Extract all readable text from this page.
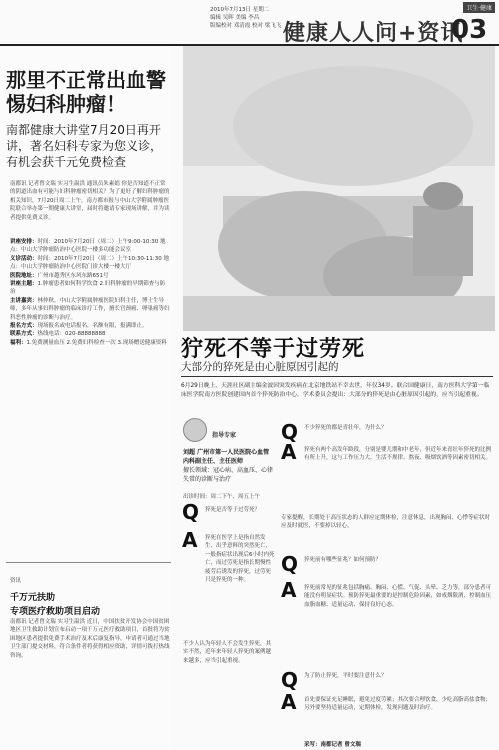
卫生·健康
2010年7月13日 星期二
编辑 吴晖 美编 李昌
版编校对 邓清霞 校对 梁飞飞 健康人人问+资讯
03
那里不正常出血警惕妇科肿瘤！
南都健康大讲堂7月20日再开讲，著名妇科专家为您义诊，有机会获千元免费检查

南都讯 记者曾文瑞 实习生温洪 通讯员朱素娟 你是否知道不正常的阴道出血有可能与妇科肿瘤密切相关？为了更好了解妇科肿瘤的相关知识，7月20日周二上午，南方都市报与中山大学附属肿瘤医院联合举办第一期健康大讲堂，届时将邀请专家现场讲解，并为读者提供免费义诊。

讲座安排：时间：2010年7月20日（周二）上午9:00-10:30 地点：中山大学肿瘤防治中心医院一楼多功能会议室

义诊活动：时间：2010年7月20日（周二）上午10:30-11:30 地点：中山大学肿瘤防治中心医院门诊大楼一楼大厅

医院地址：广州市越秀区东风东路651号

讲座主题：1.肿瘤患者如何科学饮食 2.妇科肿瘤的早期筛查与防治

主讲嘉宾：林仲秋，中山大学附属肿瘤医院妇科主任，博士生导师，多年从事妇科肿瘤的临床诊疗工作，擅长宫颈癌、卵巢癌等妇科恶性肿瘤的诊断与治疗。

报名方式：现场报名或电话报名，名额有限，报满即止。

联系方式：热线电话：020-88888888

福利：1.免费测量血压 2.免费妇科检查一次 3.现场赠送健康资料

资讯
千万元扶助
专项医疗救助项目启动

南都讯 记者曾文瑞 实习生温洪 近日，中国扶贫开发协会中国贫困地区卫生救助计划宣布启动一项千万元医疗救助项目，首批将为贫困地区患者提供免费手术治疗及术后康复指导，申请者可通过当地卫生部门提交材料，符合条件者将获得相应资助，详情可拨打热线咨询。

狞死不等于过劳死
大部分的猝死是由心脏原因引起的
6月29日晚上，天涯社区副主编金波因突发疾病在北京地铁站不幸去世，年仅34岁。联合国健康日，南方医科大学第一临床医学院南方医院创建国内首个猝死防治中心，学术委员会提出：大部分的猝死是由心脏原因引起的，应当引起重视。
指导专家
刘超 广州市第一人民医院心血管内科副主任、主任医师
擅长领域：冠心病、高血压、心律失常的诊断与治疗
出诊时间：周二下午、周五上午
Q 猝死是否等于过劳死？
A 猝死在医学上是指自然发生、出乎意料的突然死亡，一般指症状出现后6小时内死亡，而过劳死是指长期慢性疲劳后诱发的猝死，过劳死只是猝死的一种。
不少人认为年轻人不会发生猝死，其实不然，近年来年轻人猝死的案例越来越多，应当引起重视。
Q 不少猝死的都是青壮年，为什么？
A 猝死有两个高发年龄段，分别是婴儿期和中老年，但近年来青壮年猝死的比例有所上升，这与工作压力大、生活不规律、熬夜、吸烟饮酒等因素密切相关。
专家提醒，长期处于高压状态的人群应定期体检，注意休息，出现胸闷、心悸等症状时应及时就医，不要掉以轻心。
Q 猝死前有哪些征兆？如何预防？
A 猝死前常见的征兆包括胸痛、胸闷、心慌、气促、头晕、乏力等，部分患者可能没有明显症状。预防猝死最重要的是控制危险因素，如戒烟限酒、控制血压血脂血糖、适量运动、保持良好心态。
Q 为了防止猝死，平时要注意什么？
A 首先要保证充足睡眠，避免过度劳累；其次要合理饮食，少吃高脂高盐食物；另外要坚持适量运动，定期体检，发现问题及时治疗。
采写：南都记者 曾文瑞
